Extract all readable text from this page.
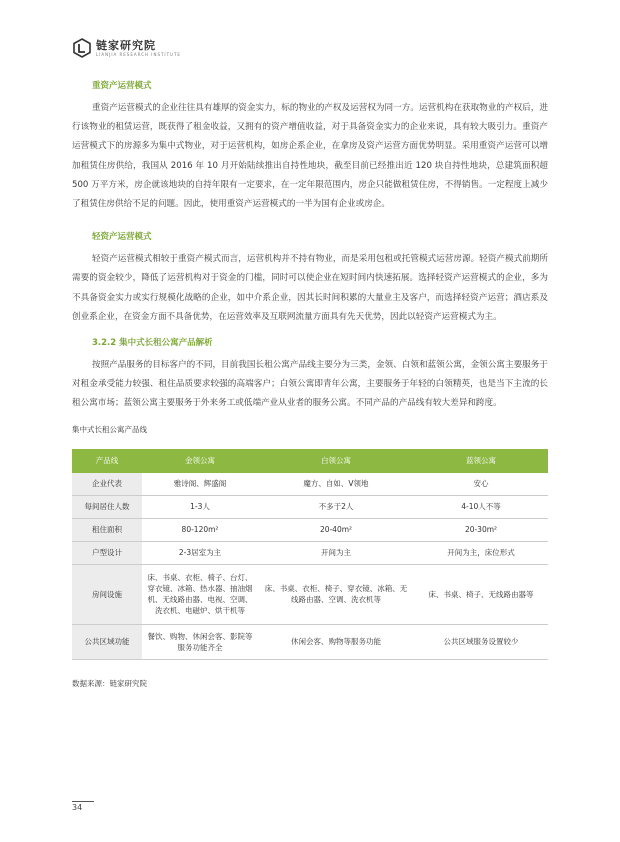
链家研究院
LIANJIA RESEARCH INSTITUTE
重资产运营模式

重资产运营模式的企业往往具有雄厚的资金实力，标的物业的产权及运营权为同一方。运营机构在获取物业的产权后，进行该物业的租赁运营，既获得了租金收益，又拥有的资产增值收益，对于具备资金实力的企业来说，具有较大吸引力。重资产运营模式下的房源多为集中式物业，对于运营机构，如房企系企业，在拿房及资产运营方面优势明显。采用重资产运营可以增加租赁住房供给，我国从 2016 年 10 月开始陆续推出自持性地块，截至目前已经推出近 120 块自持性地块，总建筑面积超 500 万平方米，房企就该地块的自持年限有一定要求，在一定年限范围内，房企只能做租赁住房，不得销售。一定程度上减少了租赁住房供给不足的问题。因此，使用重资产运营模式的一半为国有企业或房企。

轻资产运营模式

轻资产运营模式相较于重资产模式而言，运营机构并不持有物业，而是采用包租或托管模式运营房源。轻资产模式前期所需要的资金较少，降低了运营机构对于资金的门槛，同时可以使企业在短时间内快速拓展。选择轻资产运营模式的企业，多为不具备资金实力或实行规模化战略的企业，如中介系企业，因其长时间积累的大量业主及客户，而选择轻资产运营；酒店系及创业系企业，在资金方面不具备优势，在运营效率及互联网流量方面具有先天优势，因此以轻资产运营模式为主。

3.2.2 集中式长租公寓产品解析

按照产品服务的目标客户的不同，目前我国长租公寓产品线主要分为三类，金领、白领和蓝领公寓，金领公寓主要服务于对租金承受能力较强、租住品质要求较强的高端客户；白领公寓即青年公寓，主要服务于年轻的白领精英，也是当下主流的长租公寓市场；蓝领公寓主要服务于外来务工或低端产业从业者的服务公寓。不同产品的产品线有较大差异和跨度。

集中式长租公寓产品线
产品线	金领公寓	白领公寓	蓝领公寓
企业代表	雅诗阁、辉盛阁	魔方、自如、V领地	安心
每间居住人数	1-3人	不多于2人	4-10人不等
租住面积	80-120m²	20-40m²	20-30m²
户型设计	2-3居室为主	开间为主	开间为主，床位形式
房间设施	床、书桌、衣柜、椅子、台灯、穿衣镜、冰箱、热水器、抽油烟机、无线路由器、电视、空调、洗衣机、电磁炉、烘干机等	床、书桌、衣柜、椅子、穿衣镜、冰箱、无线路由器、空调、洗衣机等	床、书桌、椅子、无线路由器等
公共区域功能	餐饮、购物、休闲会客、影院等服务功能齐全	休闲会客、购物等服务功能	公共区域服务设置较少
数据来源：链家研究院
34
